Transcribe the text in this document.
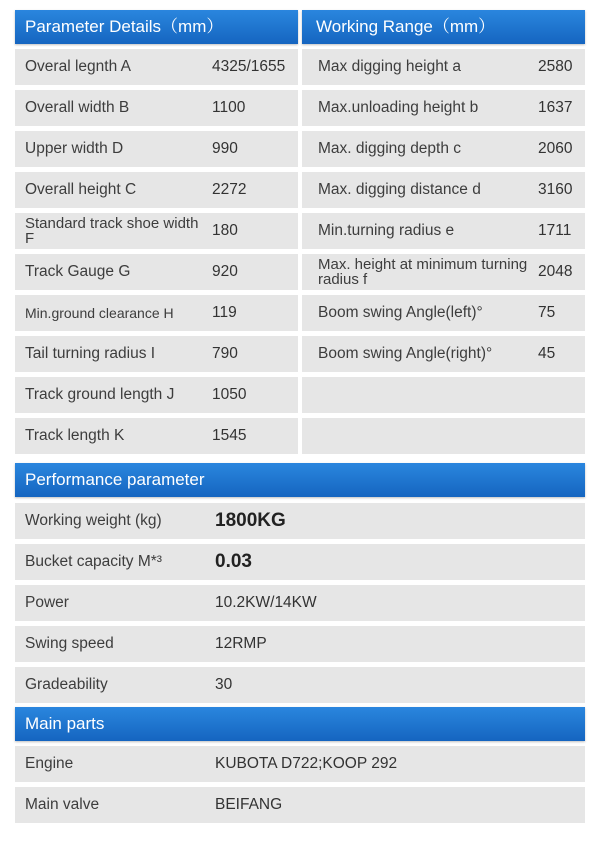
Parameter Details（mm）	Working Range（mm）
Overal legnth A	4325/1655
Overall width B	1100
Upper width D	990
Overall height C	2272
Standard track shoe width F	180
Track Gauge G	920
Min.ground clearance H	119
Tail turning radius I	790
Track ground length J	1050
Track length K	1545
Max digging height a	2580
Max.unloading height b	1637
Max. digging depth c	2060
Max. digging distance d	3160
Min.turning radius e	1711
Max. height at minimum turning radius f	2048
Boom swing Angle(left)°	75
Boom swing Angle(right)°	45
Performance parameter
Working weight (kg)	1800KG
Bucket capacity M*³	0.03
Power	10.2KW/14KW
Swing speed	12RMP
Gradeability	30
Main parts
Engine	KUBOTA D722;KOOP 292
Main valve	BEIFANG
